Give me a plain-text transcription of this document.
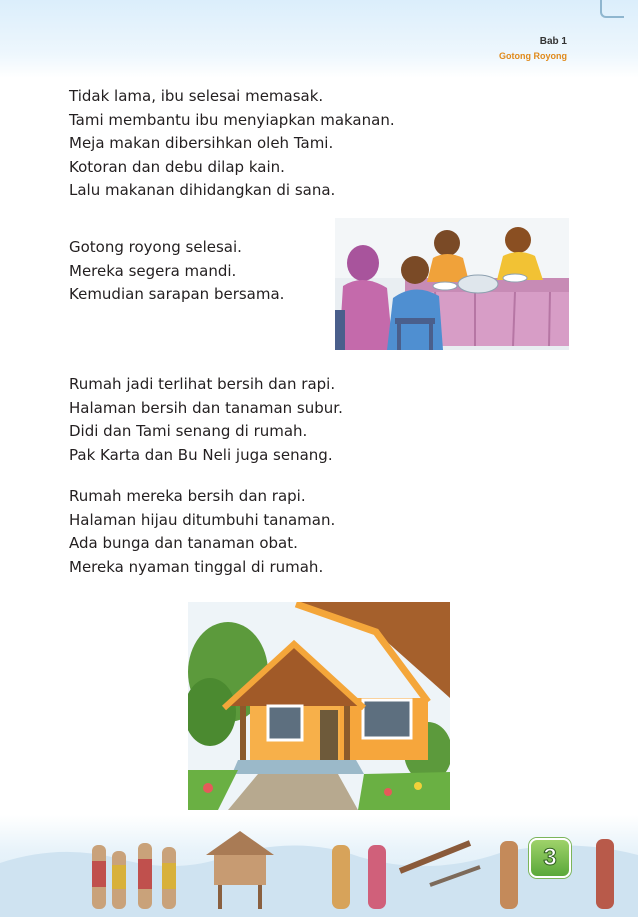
Bab 1
Gotong Royong
Tidak lama, ibu selesai memasak.
Tami membantu ibu menyiapkan makanan.
Meja makan dibersihkan oleh Tami.
Kotoran dan debu dilap kain.
Lalu makanan dihidangkan di sana.
Gotong royong selesai.
Mereka segera mandi.
Kemudian sarapan bersama.
Rumah jadi terlihat bersih dan rapi.
Halaman bersih dan tanaman subur.
Didi dan Tami senang di rumah.
Pak Karta dan Bu Neli juga senang.
Rumah mereka bersih dan rapi.
Halaman hijau ditumbuhi tanaman.
Ada bunga dan tanaman obat.
Mereka nyaman tinggal di rumah.
3
